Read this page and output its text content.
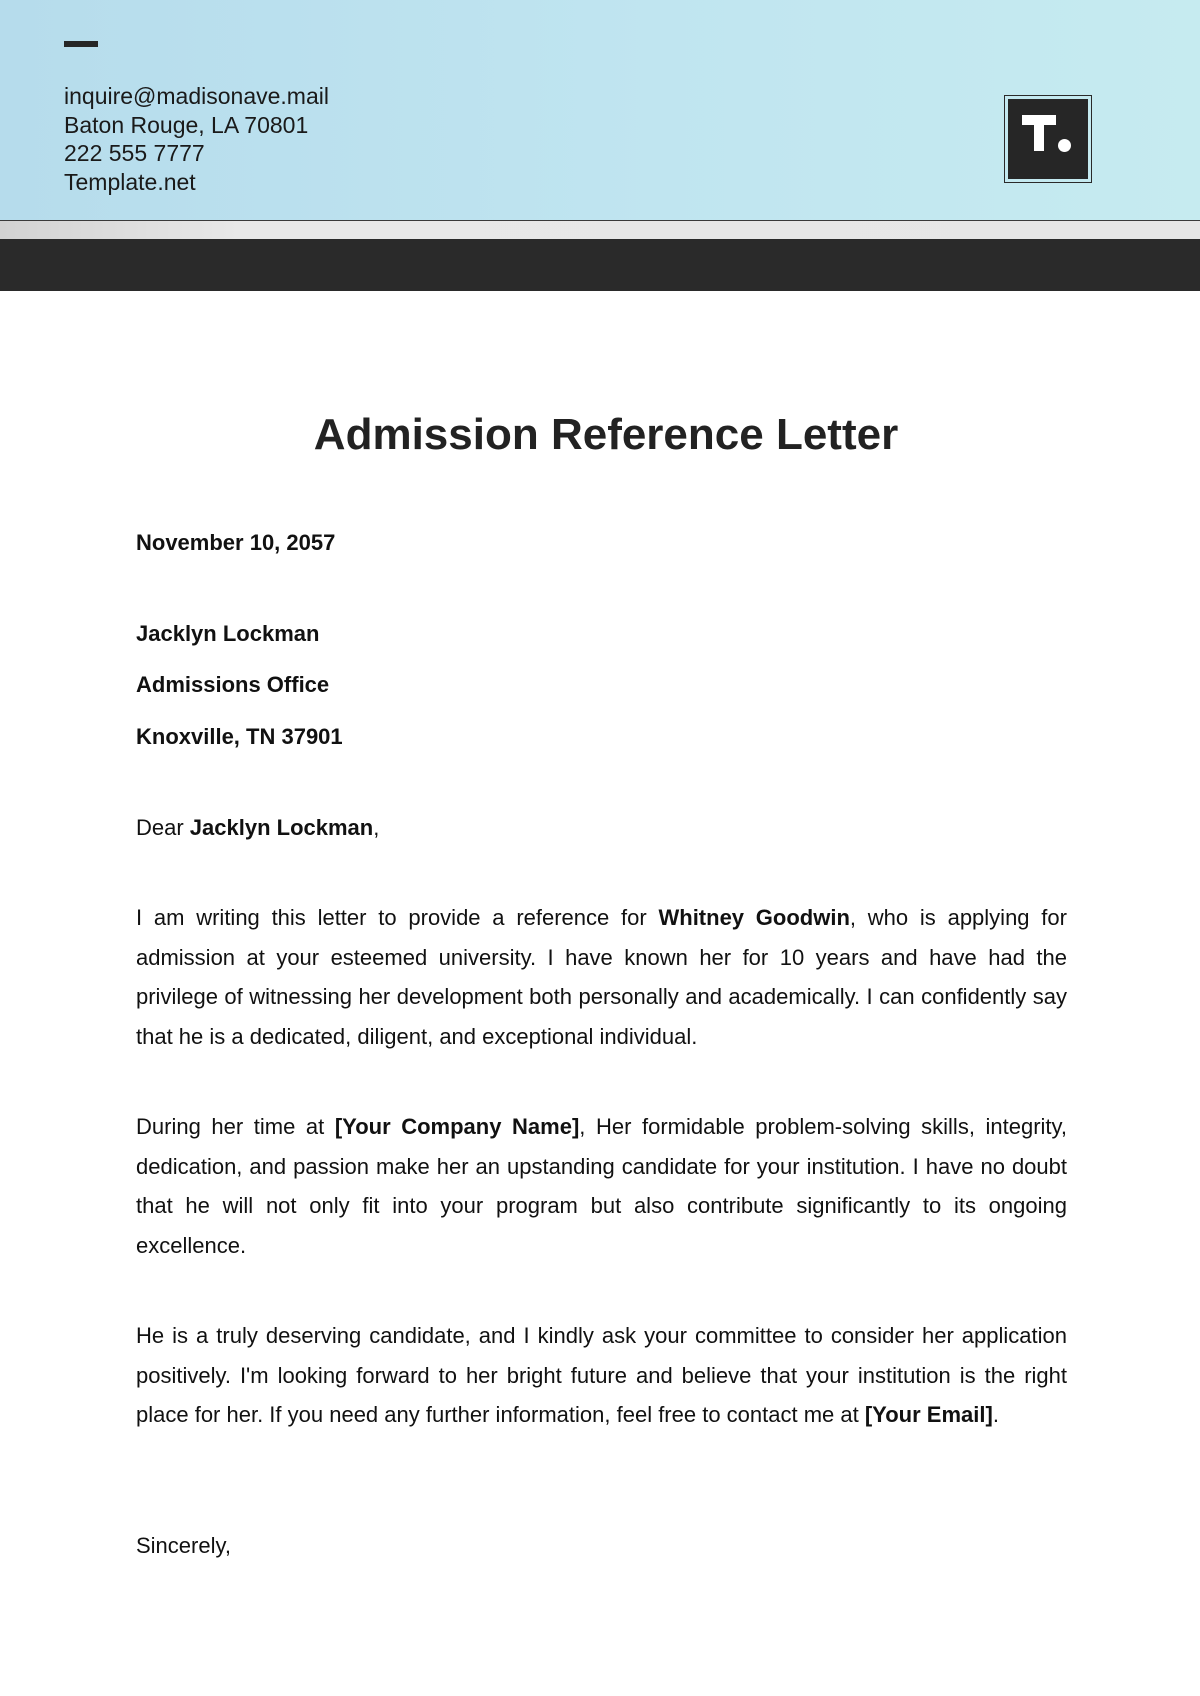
inquire@madisonave.mail
Baton Rouge, LA 70801
222 555 7777
Template.net
Admission Reference Letter
November 10, 2057
Jacklyn Lockman
Admissions Office
Knoxville, TN 37901
Dear Jacklyn Lockman,
I am writing this letter to provide a reference for Whitney Goodwin, who is applying for admission at your esteemed university. I have known her for 10 years and have had the privilege of witnessing her development both personally and academically. I can confidently say that he is a dedicated, diligent, and exceptional individual.
During her time at [Your Company Name], Her formidable problem-solving skills, integrity, dedication, and passion make her an upstanding candidate for your institution. I have no doubt that he will not only fit into your program but also contribute significantly to its ongoing excellence.
He is a truly deserving candidate, and I kindly ask your committee to consider her application positively. I'm looking forward to her bright future and believe that your institution is the right place for her. If you need any further information, feel free to contact me at [Your Email].
Sincerely,
